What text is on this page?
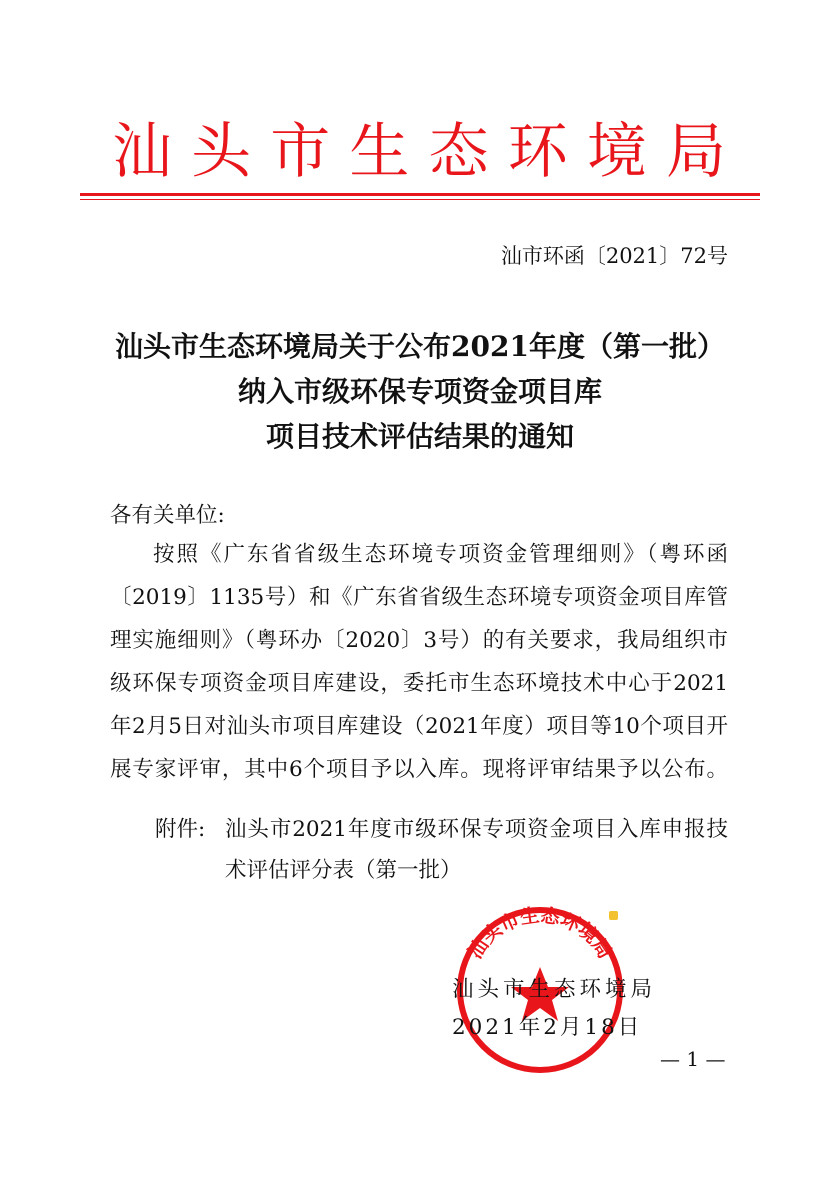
汕头市生态环境局
汕市环函〔2021〕72号
汕头市生态环境局关于公布2021年度（第一批）
纳入市级环保专项资金项目库
项目技术评估结果的通知
各有关单位:
按照《广东省省级生态环境专项资金管理细则》（粤环函
〔2019〕1135号）和《广东省省级生态环境专项资金项目库管
理实施细则》（粤环办〔2020〕3号）的有关要求，我局组织市
级环保专项资金项目库建设，委托市生态环境技术中心于2021
年2月5日对汕头市项目库建设（2021年度）项目等10个项目开
展专家评审，其中6个项目予以入库。现将评审结果予以公布。
附件: 汕头市2021年度市级环保专项资金项目入库申报技
术评估评分表（第一批）
汕头市生态环境局
汕头市生态环境局
2021年2月18日
— 1 —
